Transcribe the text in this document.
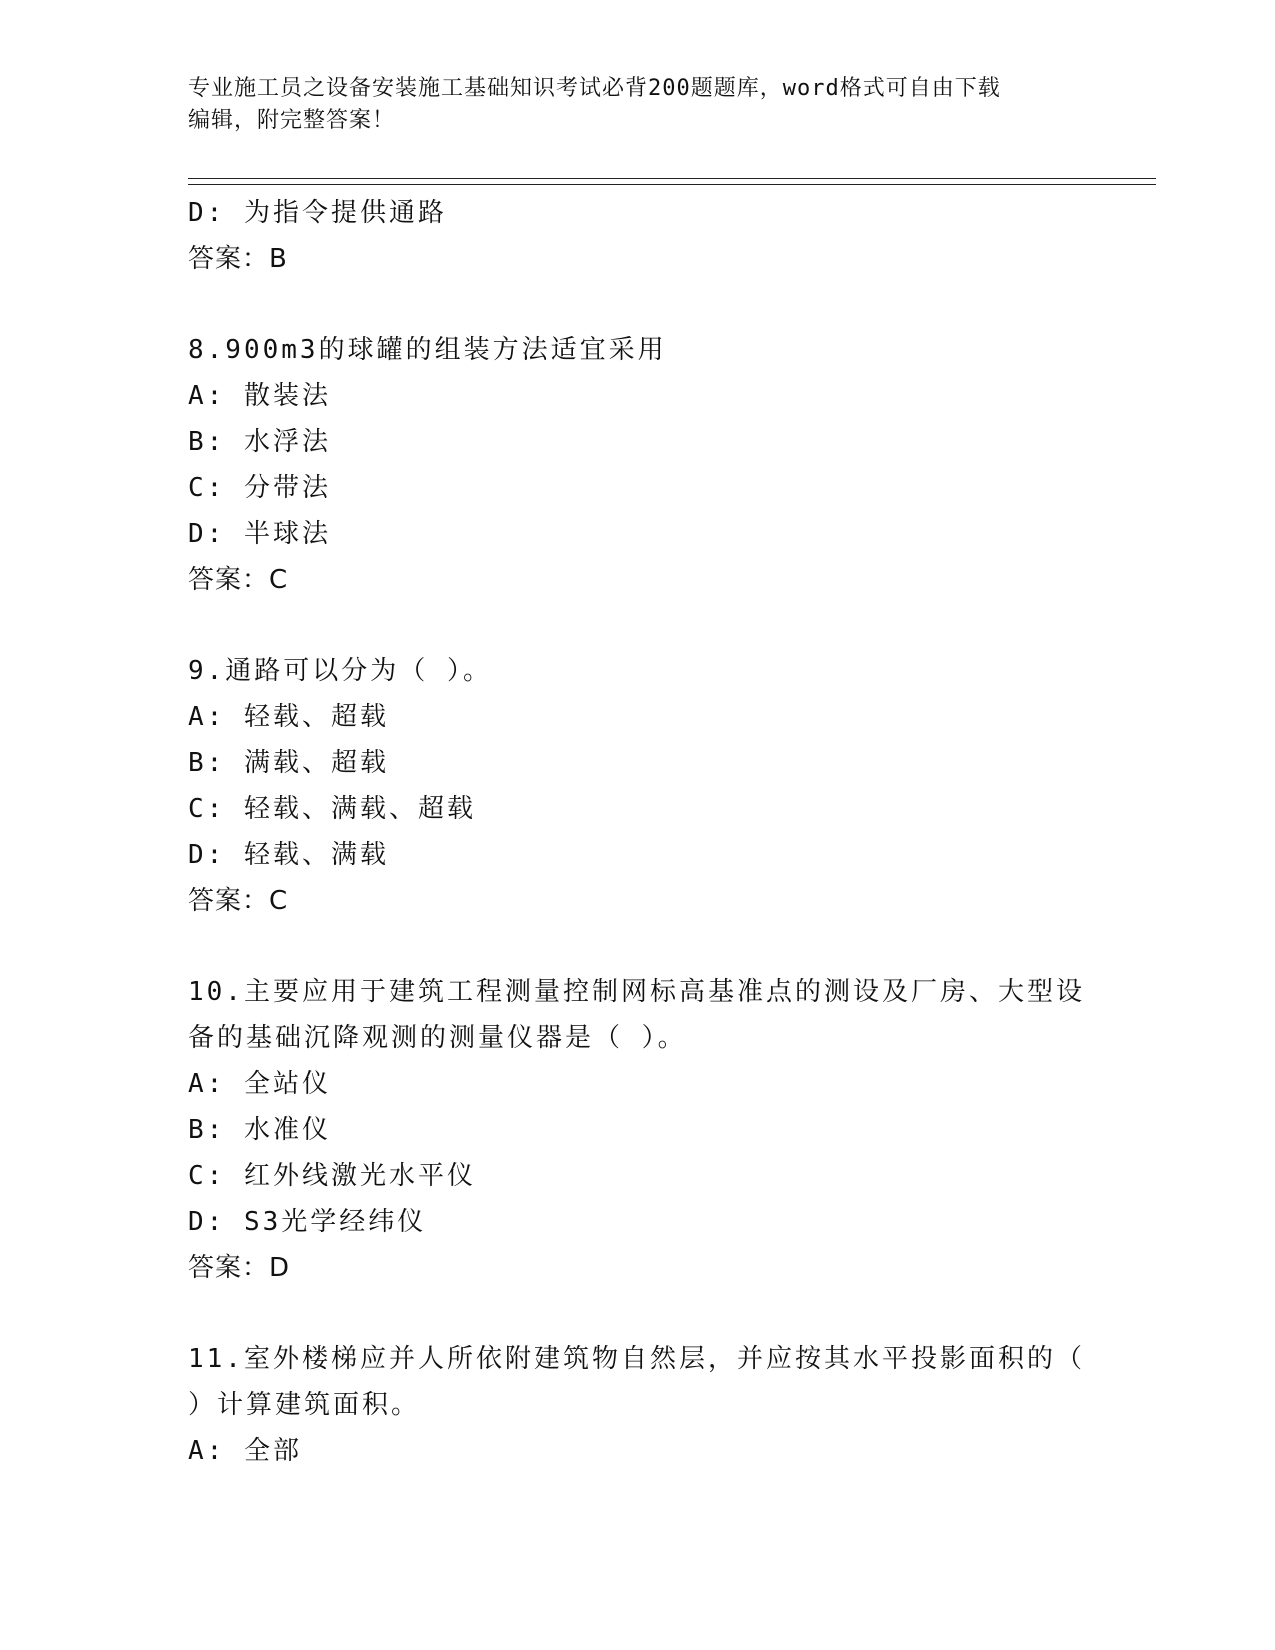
专业施工员之设备安装施工基础知识考试必背200题题库，word格式可自由下载
编辑，附完整答案！
D: 为指令提供通路
答案：B
8.900m3的球罐的组装方法适宜采用
A: 散装法
B: 水浮法
C: 分带法
D: 半球法
答案：C
9.通路可以分为（ ）。
A: 轻载、超载
B: 满载、超载
C: 轻载、满载、超载
D: 轻载、满载
答案：C
10.主要应用于建筑工程测量控制网标高基准点的测设及厂房、大型设
备的基础沉降观测的测量仪器是（ ）。
A: 全站仪
B: 水准仪
C: 红外线激光水平仪
D: S3光学经纬仪
答案：D
11.室外楼梯应并人所依附建筑物自然层，并应按其水平投影面积的（
）计算建筑面积。
A: 全部
